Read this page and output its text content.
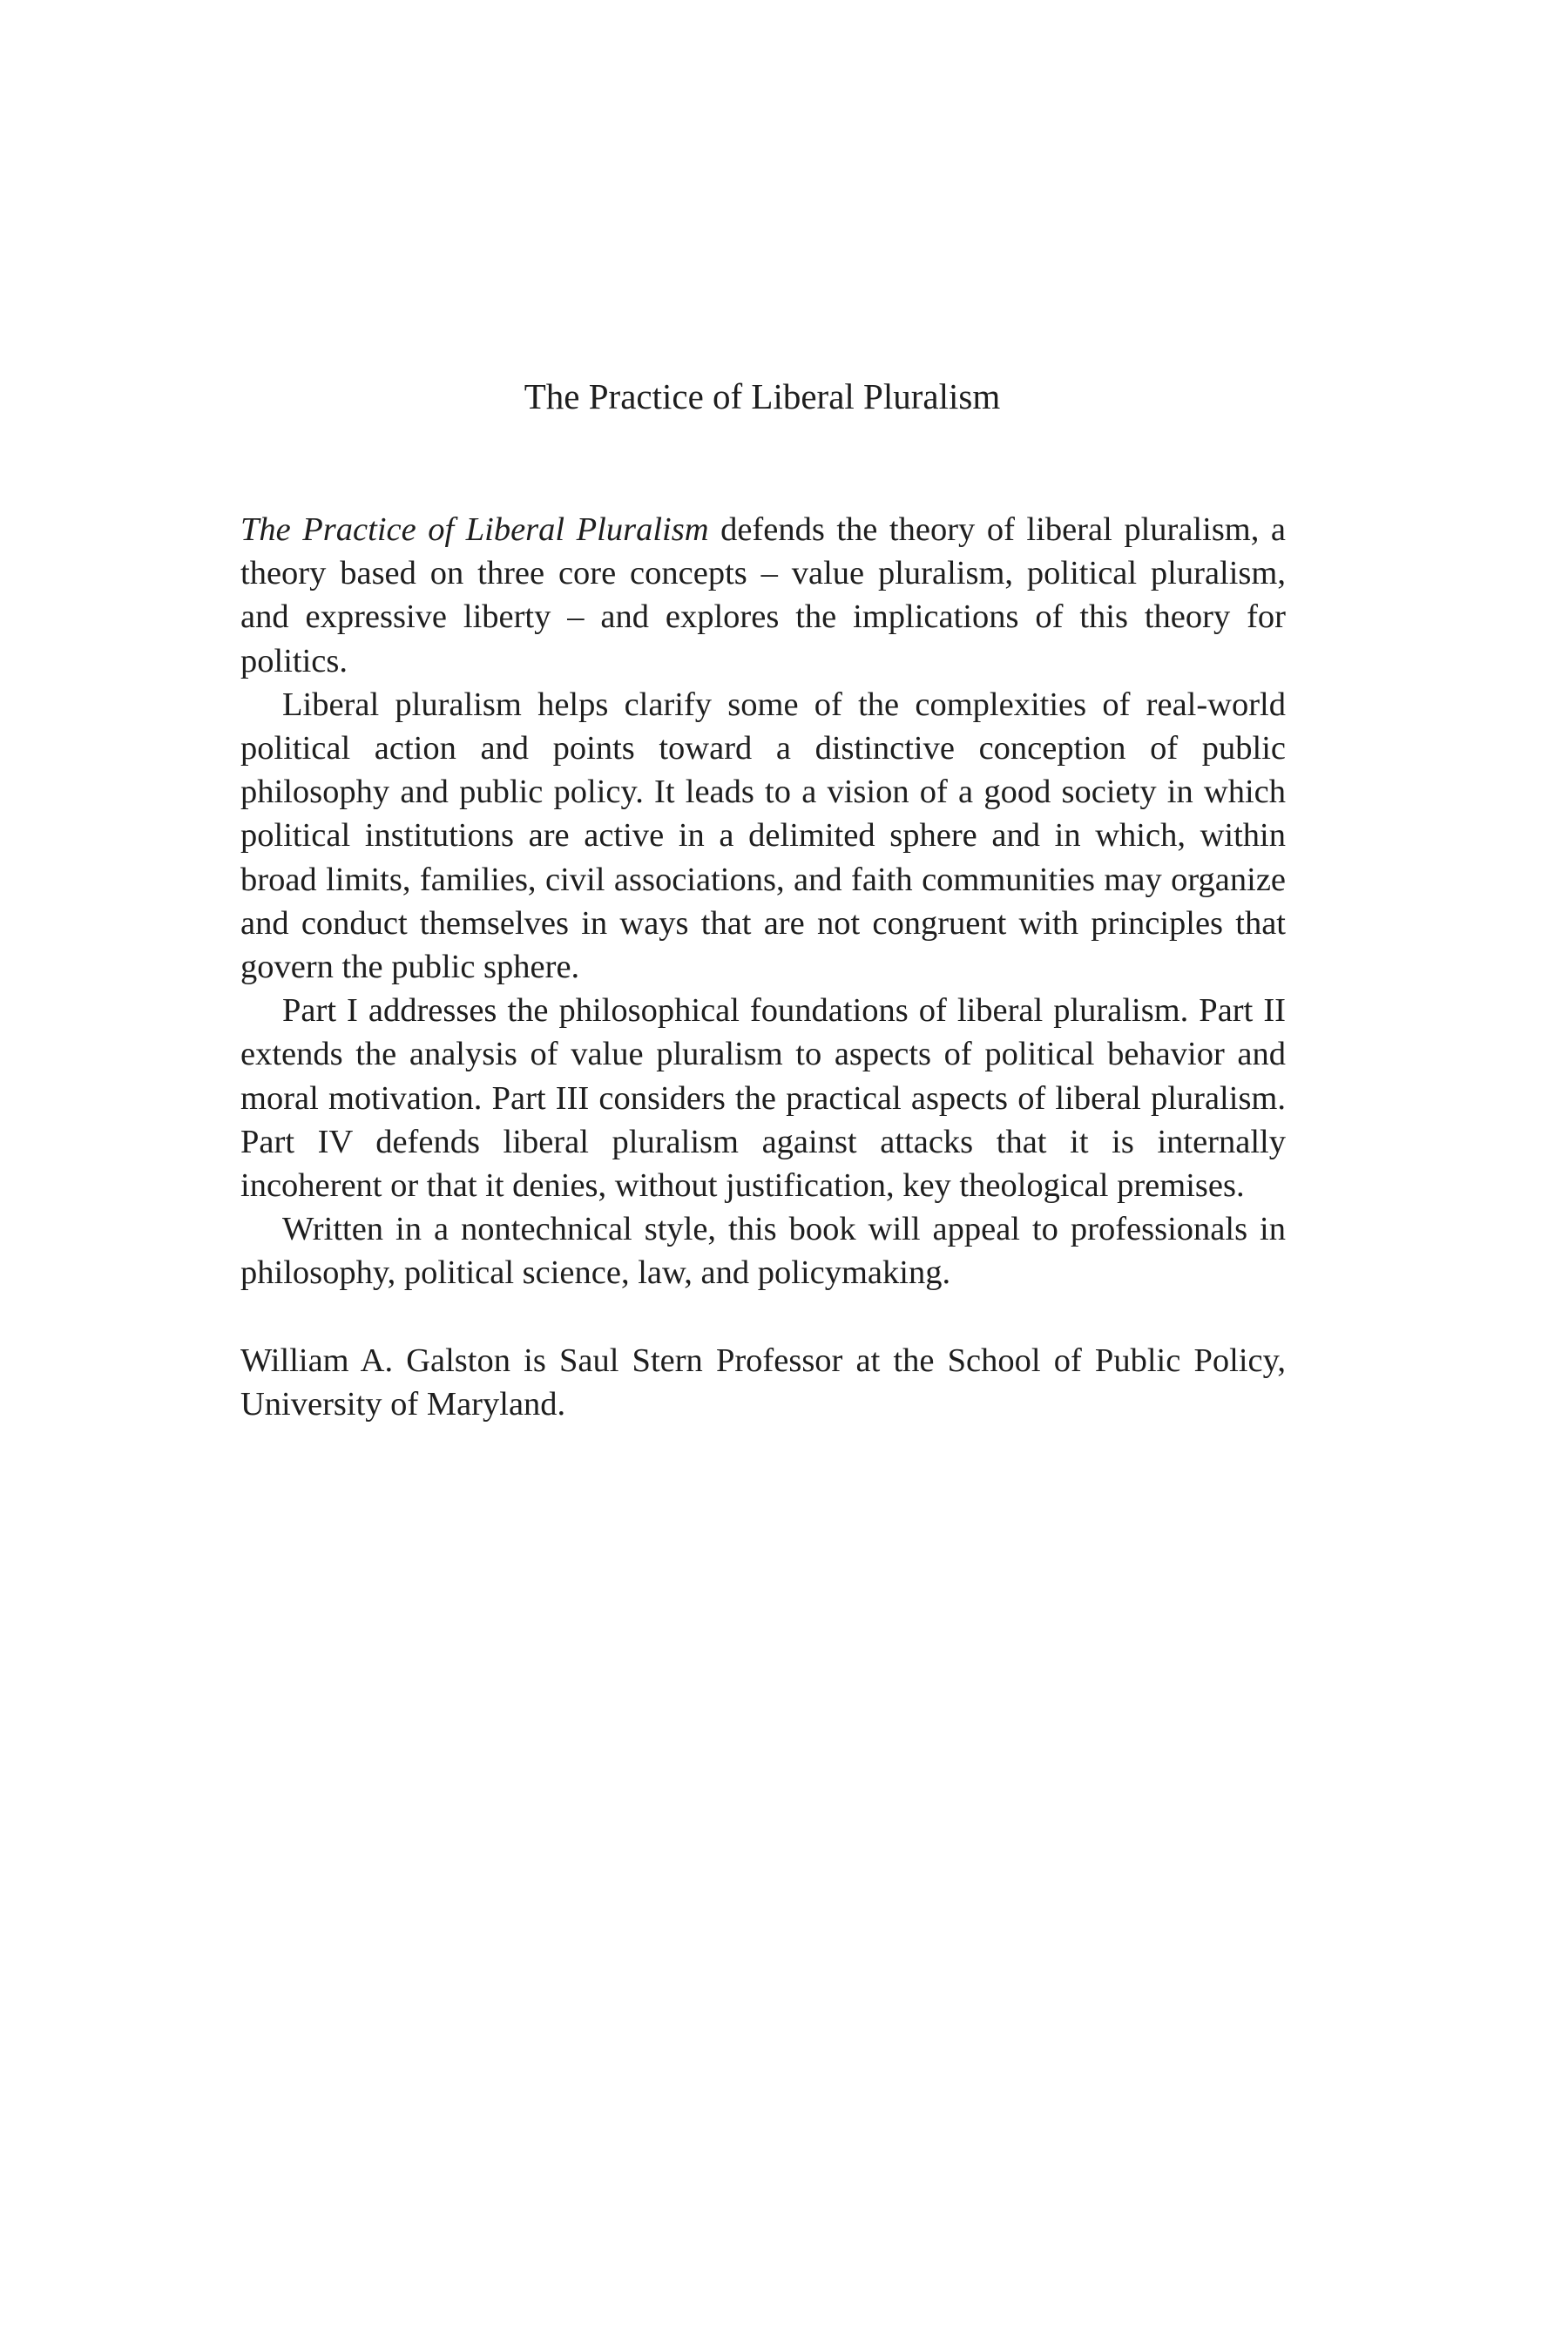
The Practice of Liberal Pluralism

The Practice of Liberal Pluralism defends the theory of liberal pluralism, a theory based on three core concepts – value pluralism, political pluralism, and expressive liberty – and explores the implications of this theory for politics.

Liberal pluralism helps clarify some of the complexities of real-world political action and points toward a distinctive conception of public philosophy and public policy. It leads to a vision of a good society in which political institutions are active in a delimited sphere and in which, within broad limits, families, civil associations, and faith communities may organize and conduct themselves in ways that are not congruent with principles that govern the public sphere.

Part I addresses the philosophical foundations of liberal pluralism. Part II extends the analysis of value pluralism to aspects of political behavior and moral motivation. Part III considers the practical aspects of liberal pluralism. Part IV defends liberal pluralism against attacks that it is internally incoherent or that it denies, without justification, key theological premises.

Written in a nontechnical style, this book will appeal to professionals in philosophy, political science, law, and policymaking.

William A. Galston is Saul Stern Professor at the School of Public Policy, University of Maryland.
